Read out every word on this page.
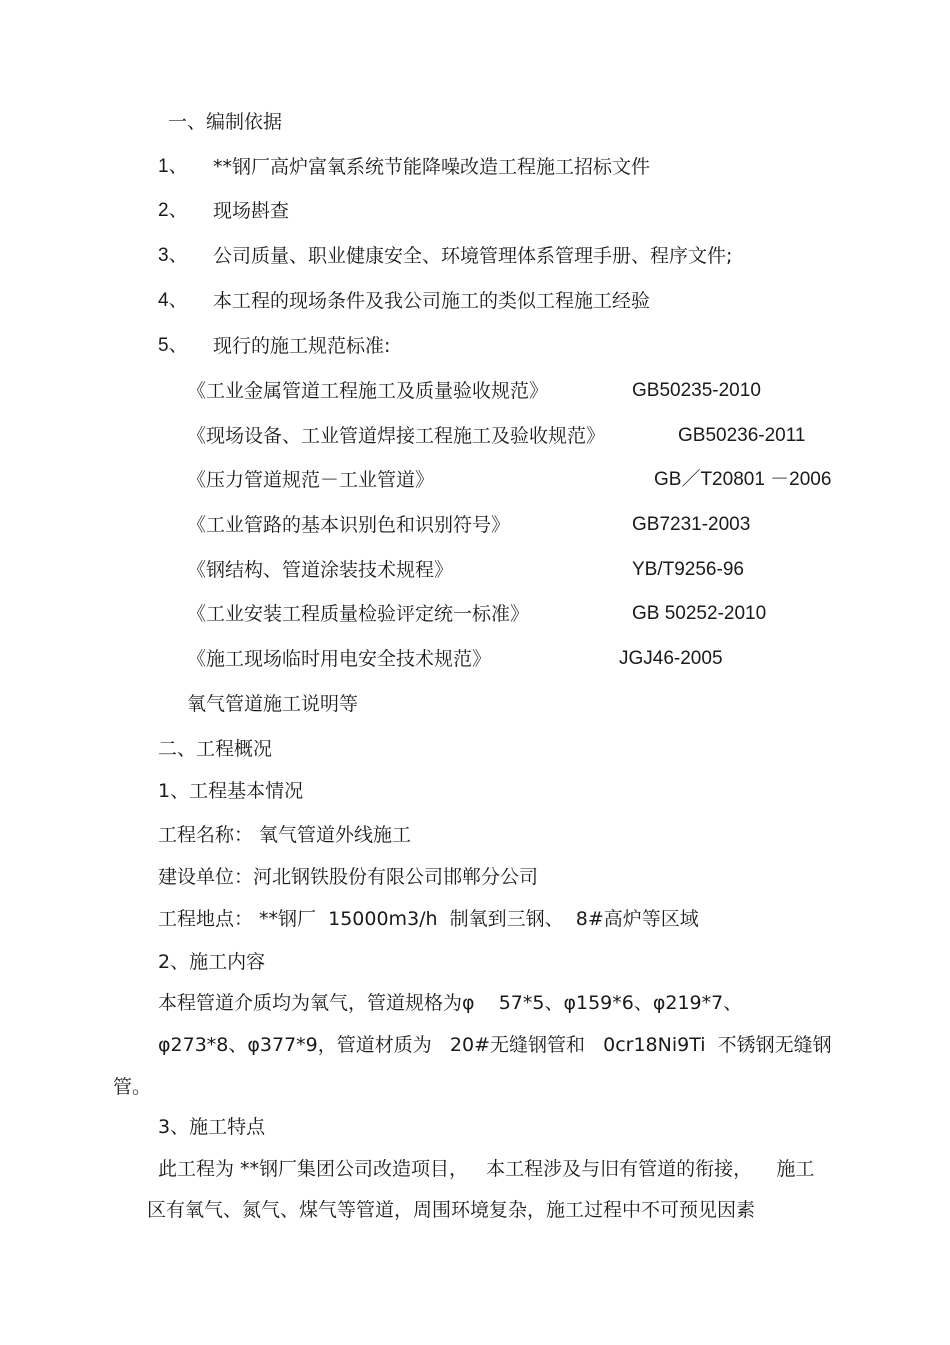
一、编制依据
1、 **钢厂高炉富氧系统节能降噪改造工程施工招标文件
2、 现场斟查
3、 公司质量、职业健康安全、环境管理体系管理手册、程序文件;
4、 本工程的现场条件及我公司施工的类似工程施工经验
5、 现行的施工规范标准:
《工业金属管道工程施工及质量验收规范》	GB50235-2010
《现场设备、工业管道焊接工程施工及验收规范》	GB50236-2011
《压力管道规范－工业管道》	GB／T20801 －2006
《工业管路的基本识别色和识别符号》	GB7231-2003
《钢结构、管道涂装技术规程》	YB/T9256-96
《工业安装工程质量检验评定统一标准》	GB 50252-2010
《施工现场临时用电安全技术规范》	JGJ46-2005
氧气管道施工说明等
二、工程概况
1、工程基本情况
工程名称： 氧气管道外线施工
建设单位：河北钢铁股份有限公司邯郸分公司
工程地点： **钢厂  15000m3/h  制氧到三钢、  8#高炉等区域
2、施工内容
本程管道介质均为氧气，管道规格为φ    57*5、φ159*6、φ219*7、
φ273*8、φ377*9，管道材质为   20#无缝钢管和   0cr18Ni9Ti  不锈钢无缝钢
管。
3、施工特点
此工程为 **钢厂集团公司改造项目，   本工程涉及与旧有管道的衔接，    施工
区有氧气、氮气、煤气等管道，周围环境复杂，施工过程中不可预见因素
